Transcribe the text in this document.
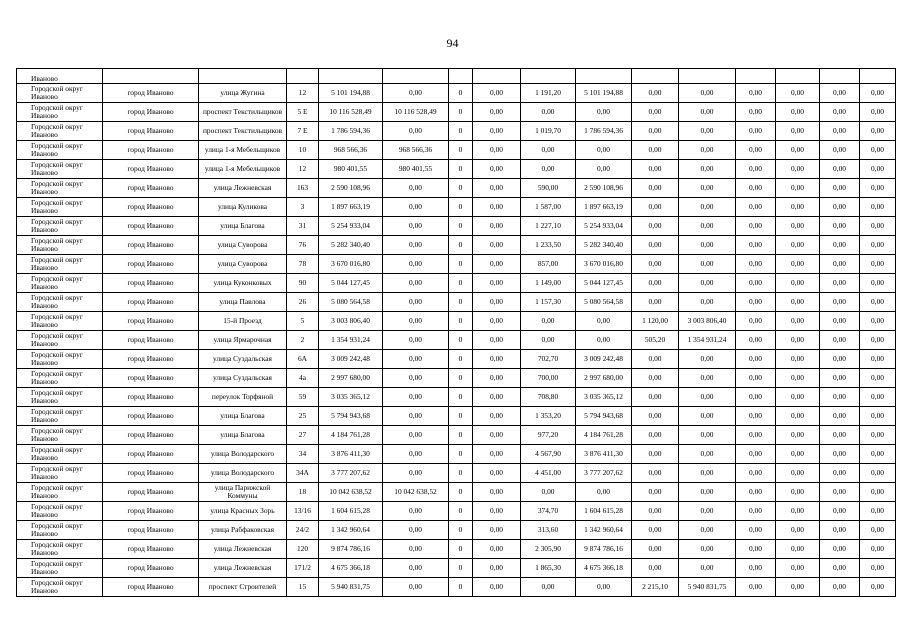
94
Иваново															
Городской округ Иваново	город Иваново	улица Жугина	12	5 101 194,88	0,00	0	0,00	1 191,20	5 101 194,88	0,00	0,00	0,00	0,00	0,00	0,00
Городской округ Иваново	город Иваново	проспект Текстильщиков	5 Е	10 116 528,49	10 116 528,49	0	0,00	0,00	0,00	0,00	0,00	0,00	0,00	0,00	0,00
Городской округ Иваново	город Иваново	проспект Текстильщиков	7 Е	1 786 594,36	0,00	0	0,00	1 019,70	1 786 594,36	0,00	0,00	0,00	0,00	0,00	0,00
Городской округ Иваново	город Иваново	улица 1-я Мебельщиков	10	968 566,36	968 566,36	0	0,00	0,00	0,00	0,00	0,00	0,00	0,00	0,00	0,00
Городской округ Иваново	город Иваново	улица 1-я Мебельщиков	12	980 401,55	980 401,55	0	0,00	0,00	0,00	0,00	0,00	0,00	0,00	0,00	0,00
Городской округ Иваново	город Иваново	улица Лежневская	163	2 590 108,96	0,00	0	0,00	590,00	2 590 108,96	0,00	0,00	0,00	0,00	0,00	0,00
Городской округ Иваново	город Иваново	улица Куликова	3	1 897 663,19	0,00	0	0,00	1 587,00	1 897 663,19	0,00	0,00	0,00	0,00	0,00	0,00
Городской округ Иваново	город Иваново	улица Благова	31	5 254 933,04	0,00	0	0,00	1 227,10	5 254 933,04	0,00	0,00	0,00	0,00	0,00	0,00
Городской округ Иваново	город Иваново	улица Суворова	76	5 282 340,40	0,00	0	0,00	1 233,50	5 282 340,40	0,00	0,00	0,00	0,00	0,00	0,00
Городской округ Иваново	город Иваново	улица Суворова	78	3 670 016,80	0,00	0	0,00	857,00	3 670 016,80	0,00	0,00	0,00	0,00	0,00	0,00
Городской округ Иваново	город Иваново	улица Куконковых	90	5 044 127,45	0,00	0	0,00	1 149,00	5 044 127,45	0,00	0,00	0,00	0,00	0,00	0,00
Городской округ Иваново	город Иваново	улица Павлова	26	5 080 564,58	0,00	0	0,00	1 157,30	5 080 564,58	0,00	0,00	0,00	0,00	0,00	0,00
Городской округ Иваново	город Иваново	15-й Проезд	5	3 003 806,40	0,00	0	0,00	0,00	0,00	1 120,00	3 003 806,40	0,00	0,00	0,00	0,00
Городской округ Иваново	город Иваново	улица Ярмарочная	2	1 354 931,24	0,00	0	0,00	0,00	0,00	505,20	1 354 931,24	0,00	0,00	0,00	0,00
Городской округ Иваново	город Иваново	улица Суздальская	6А	3 009 242,48	0,00	0	0,00	702,70	3 009 242,48	0,00	0,00	0,00	0,00	0,00	0,00
Городской округ Иваново	город Иваново	улица Суздальская	4а	2 997 680,00	0,00	0	0,00	700,00	2 997 680,00	0,00	0,00	0,00	0,00	0,00	0,00
Городской округ Иваново	город Иваново	переулок Торфяной	59	3 035 365,12	0,00	0	0,00	708,80	3 035 365,12	0,00	0,00	0,00	0,00	0,00	0,00
Городской округ Иваново	город Иваново	улица Благова	25	5 794 943,68	0,00	0	0,00	1 353,20	5 794 943,68	0,00	0,00	0,00	0,00	0,00	0,00
Городской округ Иваново	город Иваново	улица Благова	27	4 184 761,28	0,00	0	0,00	977,20	4 184 761,28	0,00	0,00	0,00	0,00	0,00	0,00
Городской округ Иваново	город Иваново	улица Володарского	34	3 876 411,30	0,00	0	0,00	4 567,90	3 876 411,30	0,00	0,00	0,00	0,00	0,00	0,00
Городской округ Иваново	город Иваново	улица Володарского	34А	3 777 207,62	0,00	0	0,00	4 451,00	3 777 207,62	0,00	0,00	0,00	0,00	0,00	0,00
Городской округ Иваново	город Иваново	улица Парижской Коммуны	18	10 042 638,52	10 042 638,52	0	0,00	0,00	0,00	0,00	0,00	0,00	0,00	0,00	0,00
Городской округ Иваново	город Иваново	улица Красных Зорь	13/16	1 604 615,28	0,00	0	0,00	374,70	1 604 615,28	0,00	0,00	0,00	0,00	0,00	0,00
Городской округ Иваново	город Иваново	улица Рабфаковская	24/2	1 342 960,64	0,00	0	0,00	313,60	1 342 960,64	0,00	0,00	0,00	0,00	0,00	0,00
Городской округ Иваново	город Иваново	улица Лежневская	120	9 874 786,16	0,00	0	0,00	2 305,90	9 874 786,16	0,00	0,00	0,00	0,00	0,00	0,00
Городской округ Иваново	город Иваново	улица Лежневская	171/2	4 675 366,18	0,00	0	0,00	1 865,30	4 675 366,18	0,00	0,00	0,00	0,00	0,00	0,00
Городской округ Иваново	город Иваново	проспект Строителей	15	5 940 831,75	0,00	0	0,00	0,00	0,00	2 215,10	5 940 831,75	0,00	0,00	0,00	0,00
